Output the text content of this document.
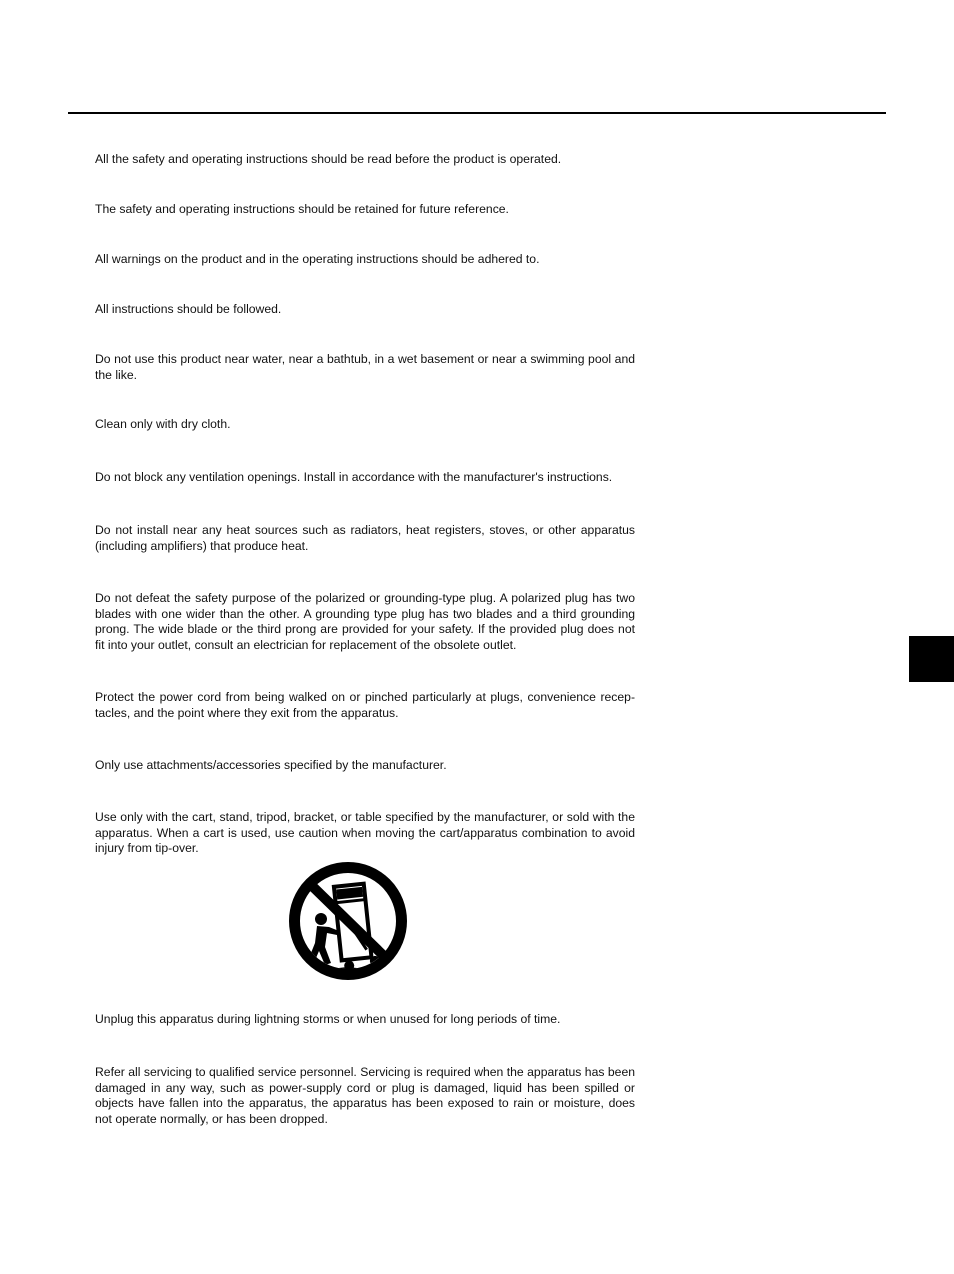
All the safety and operating instructions should be read before the product is operated.

The safety and operating instructions should be retained for future reference.

All warnings on the product and in the operating instructions should be adhered to.

All instructions should be followed.

Do not use this product near water, near a bathtub, in a wet basement or near a swimming pool and the like.

Clean only with dry cloth.

Do not block any ventilation openings. Install in accordance with the manufacturer's instructions.

Do not install near any heat sources such as radiators, heat registers, stoves, or other apparatus (including amplifiers) that produce heat.

Do not defeat the safety purpose of the polarized or grounding-type plug. A polarized plug has two blades with one wider than the other. A grounding type plug has two blades and a third grounding prong. The wide blade or the third prong are provided for your safety. If the provided plug does not fit into your outlet, consult an electrician for replacement of the obsolete outlet.

Protect the power cord from being walked on or pinched particularly at plugs, convenience recep-tacles, and the point where they exit from the apparatus.

Only use attachments/accessories specified by the manufacturer.

Use only with the cart, stand, tripod, bracket, or table specified by the manufacturer, or sold with the apparatus. When a cart is used, use caution when moving the cart/apparatus combination to avoid injury from tip-over.

Unplug this apparatus during lightning storms or when unused for long periods of time.

Refer all servicing to qualified service personnel. Servicing is required when the apparatus has been damaged in any way, such as power-supply cord or plug is damaged, liquid has been spilled or objects have fallen into the apparatus, the apparatus has been exposed to rain or moisture, does not operate normally, or has been dropped.
